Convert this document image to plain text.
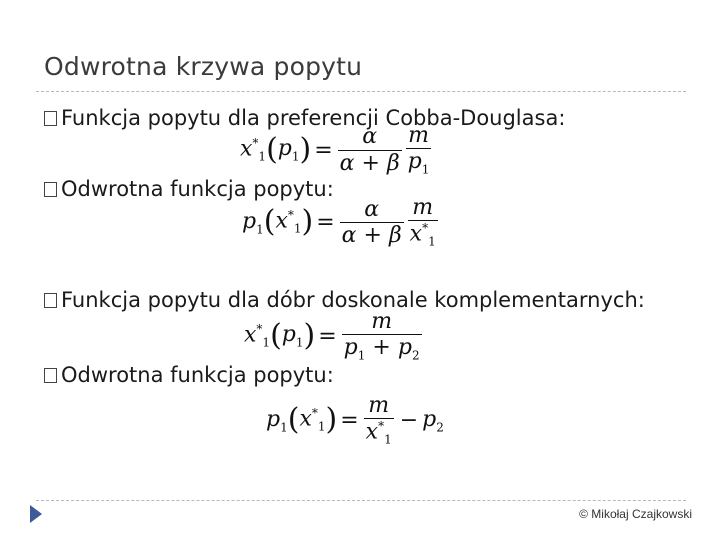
Odwrotna krzywa popytu
Funkcja popytu dla preferencji Cobba-Douglasa:
$x^*_1$ ( $p_1$ ) = $\frac{\alpha}{\alpha + \beta} \frac{m}{p_1}$
Odwrotna funkcja popytu:
$p_1$ ( $x^*_1$ ) = $\frac{\alpha}{\alpha + \beta} \frac{m}{x^*_1}$
Funkcja popytu dla dóbr doskonale komplementarnych:
$x^*_1$ ( $p_1$ ) = $\frac{m}{p_1 + p_2}$
Odwrotna funkcja popytu:
$p_1$ ( $x^*_1$ ) = $\frac{m}{x^*_1} - p_2$
© Mikołaj Czajkowski
